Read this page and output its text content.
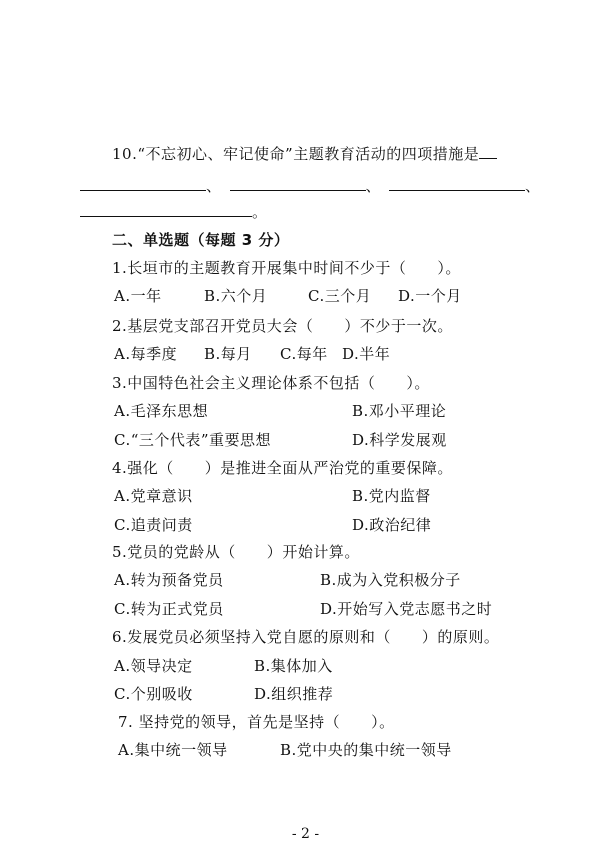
10.“不忘初心、牢记使命”主题教育活动的四项措施是
、	、	、
。
二、单选题（每题 3 分）
1.长垣市的主题教育开展集中时间不少于（　　）。
A.一年	B.六个月	C.三个月 D.一个月
2.基层党支部召开党员大会（　　）不少于一次。
A.每季度 B.每月 C.每年 D.半年
3.中国特色社会主义理论体系不包括（　　）。
A.毛泽东思想	B.邓小平理论
C.“三个代表”重要思想	D.科学发展观
4.强化（　　）是推进全面从严治党的重要保障。
A.党章意识	B.党内监督
C.追责问责	D.政治纪律
5.党员的党龄从（　　）开始计算。
A.转为预备党员	B.成为入党积极分子
C.转为正式党员	D.开始写入党志愿书之时
6.发展党员必须坚持入党自愿的原则和（　　）的原则。
A.领导决定	B.集体加入
C.个别吸收	D.组织推荐
7. 坚持党的领导，首先是坚持（　　）。
A.集中统一领导	B.党中央的集中统一领导
- 2 -
